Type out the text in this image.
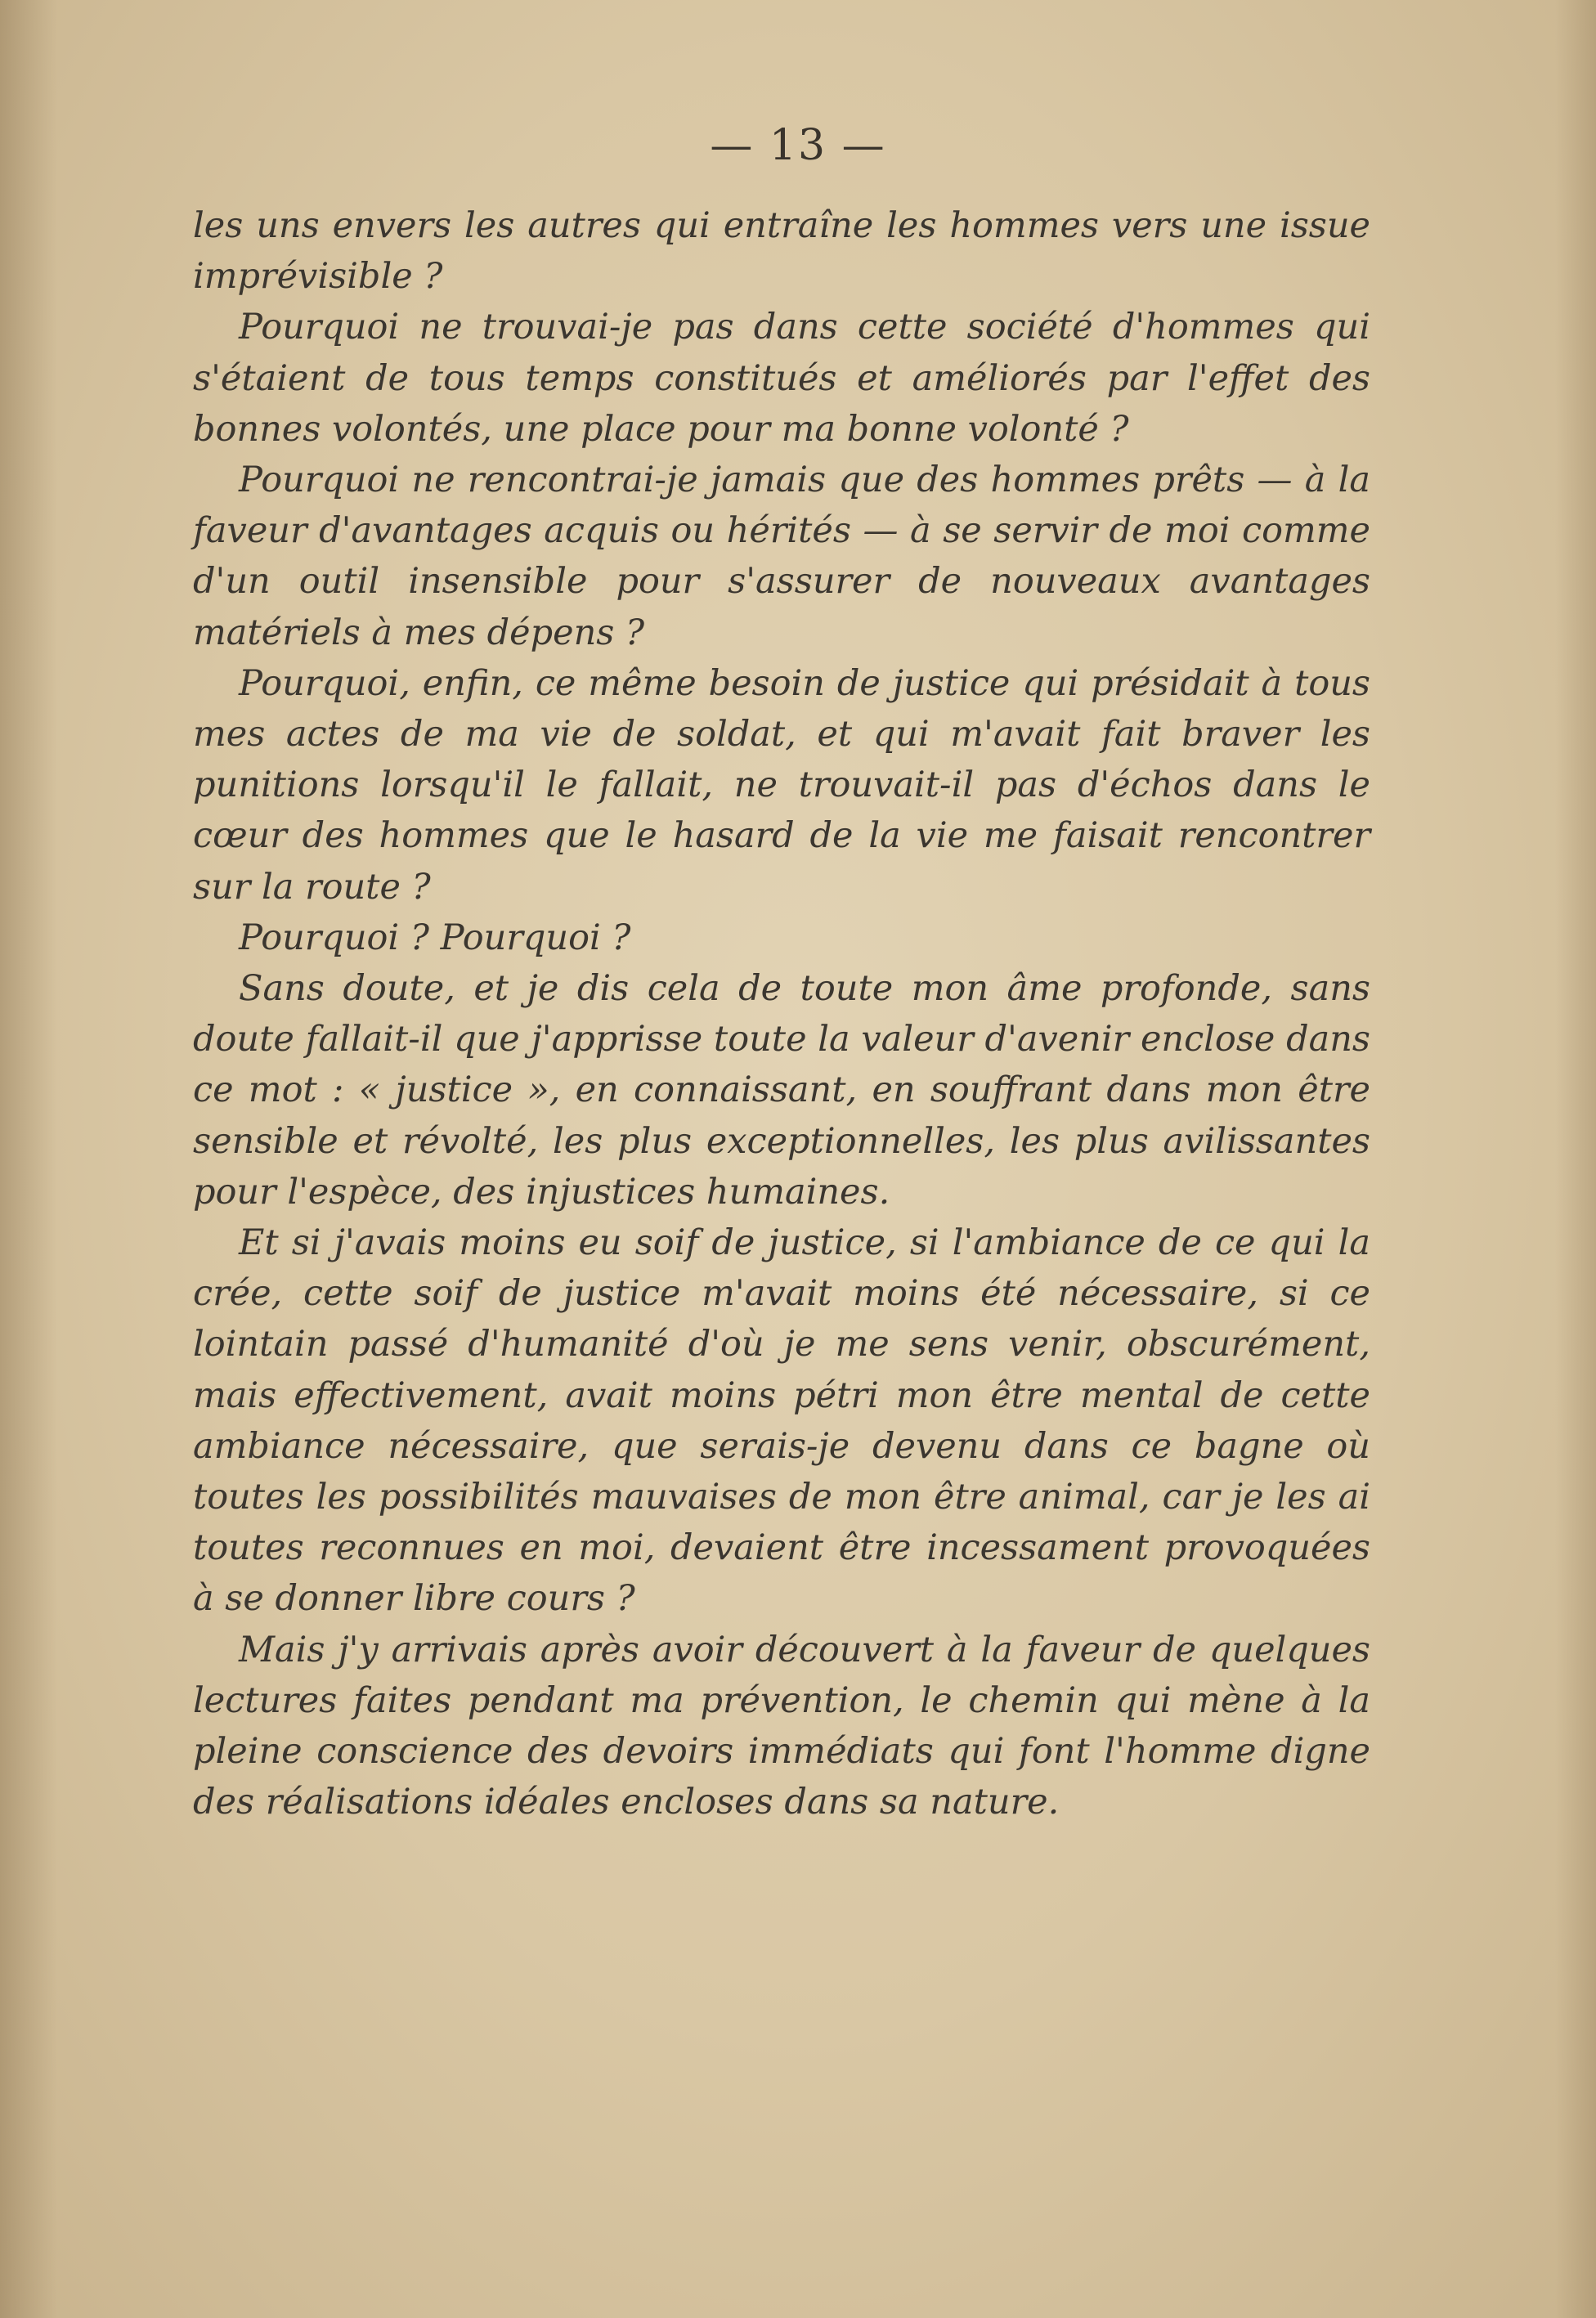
— 13 —

les uns envers les autres qui entraîne les hommes vers une issue imprévisible ?

Pourquoi ne trouvai-je pas dans cette société d'hommes qui s'étaient de tous temps constitués et améliorés par l'effet des bonnes volontés, une place pour ma bonne volonté ?

Pourquoi ne rencontrai-je jamais que des hommes prêts — à la faveur d'avantages acquis ou hérités — à se servir de moi comme d'un outil insensible pour s'assurer de nouveaux avantages matériels à mes dépens ?

Pourquoi, enfin, ce même besoin de justice qui présidait à tous mes actes de ma vie de soldat, et qui m'avait fait braver les punitions lorsqu'il le fallait, ne trouvait-il pas d'échos dans le cœur des hommes que le hasard de la vie me faisait rencontrer sur la route ?

Pourquoi ? Pourquoi ?

Sans doute, et je dis cela de toute mon âme profonde, sans doute fallait-il que j'apprisse toute la valeur d'avenir enclose dans ce mot : « justice », en connaissant, en souffrant dans mon être sensible et révolté, les plus exceptionnelles, les plus avilissantes pour l'espèce, des injustices humaines.

Et si j'avais moins eu soif de justice, si l'ambiance de ce qui la crée, cette soif de justice m'avait moins été nécessaire, si ce lointain passé d'humanité d'où je me sens venir, obscurément, mais effectivement, avait moins pétri mon être mental de cette ambiance nécessaire, que serais-je devenu dans ce bagne où toutes les possibilités mauvaises de mon être animal, car je les ai toutes reconnues en moi, devaient être incessament provoquées à se donner libre cours ?

Mais j'y arrivais après avoir découvert à la faveur de quelques lectures faites pendant ma prévention, le chemin qui mène à la pleine conscience des devoirs immédiats qui font l'homme digne des réalisations idéales encloses dans sa nature.
